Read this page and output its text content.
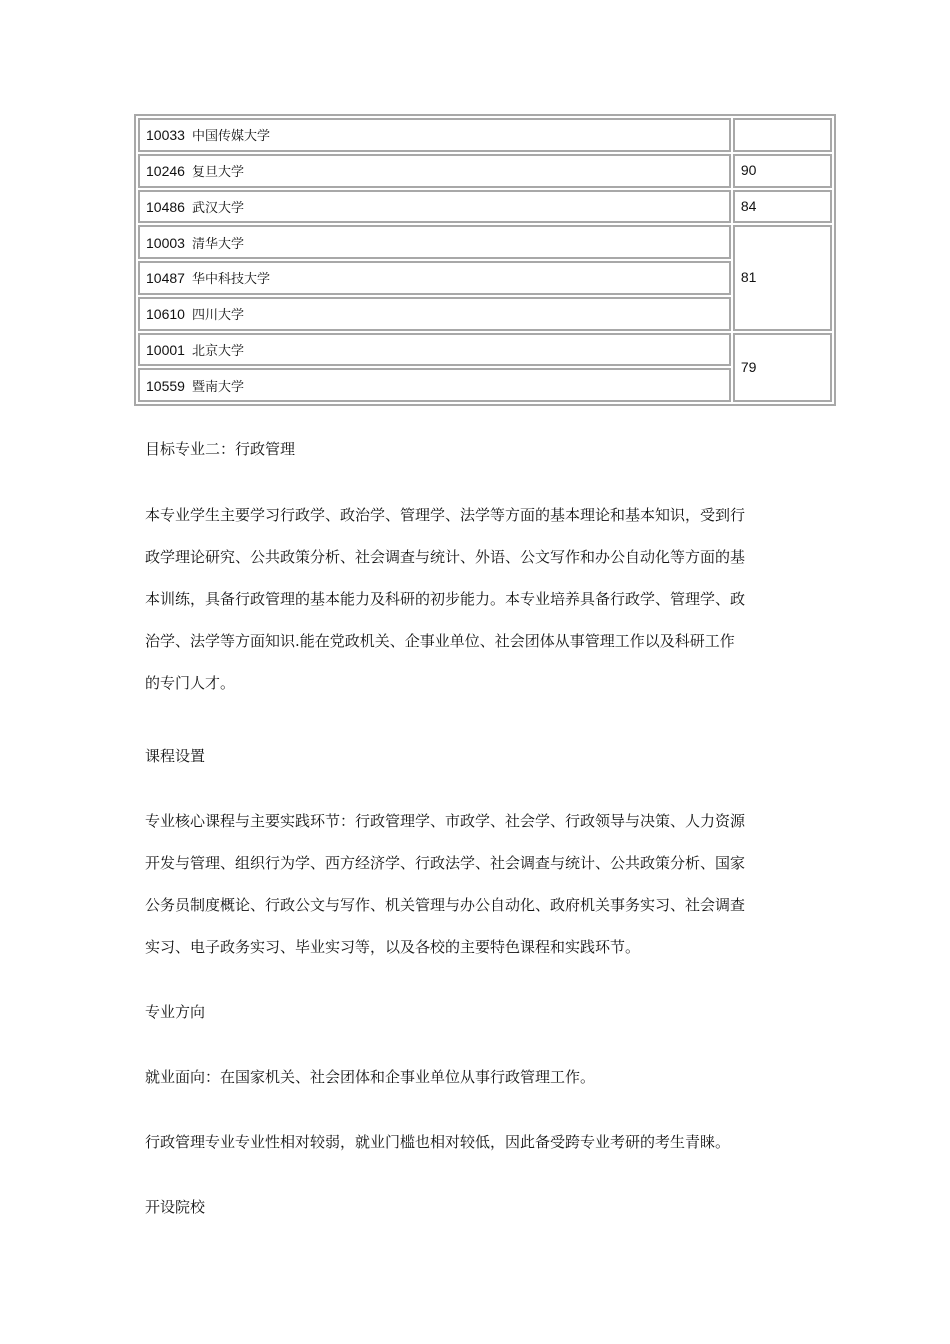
10033 中国传媒大学	
10246 复旦大学	90
10486 武汉大学	84
10003 清华大学	81
10487 华中科技大学	
10610 四川大学	
10001 北京大学	79
10559 暨南大学	

目标专业二：行政管理

本专业学生主要学习行政学、政治学、管理学、法学等方面的基本理论和基本知识，受到行
政学理论研究、公共政策分析、社会调查与统计、外语、公文写作和办公自动化等方面的基
本训练，具备行政管理的基本能力及科研的初步能力。本专业培养具备行政学、管理学、政
治学、法学等方面知识.能在党政机关、企事业单位、社会团体从事管理工作以及科研工作
的专门人才。

课程设置

专业核心课程与主要实践环节：行政管理学、市政学、社会学、行政领导与决策、人力资源
开发与管理、组织行为学、西方经济学、行政法学、社会调查与统计、公共政策分析、国家
公务员制度概论、行政公文与写作、机关管理与办公自动化、政府机关事务实习、社会调查
实习、电子政务实习、毕业实习等，以及各校的主要特色课程和实践环节。

专业方向

就业面向：在国家机关、社会团体和企事业单位从事行政管理工作。

行政管理专业专业性相对较弱，就业门槛也相对较低，因此备受跨专业考研的考生青睐。

开设院校
